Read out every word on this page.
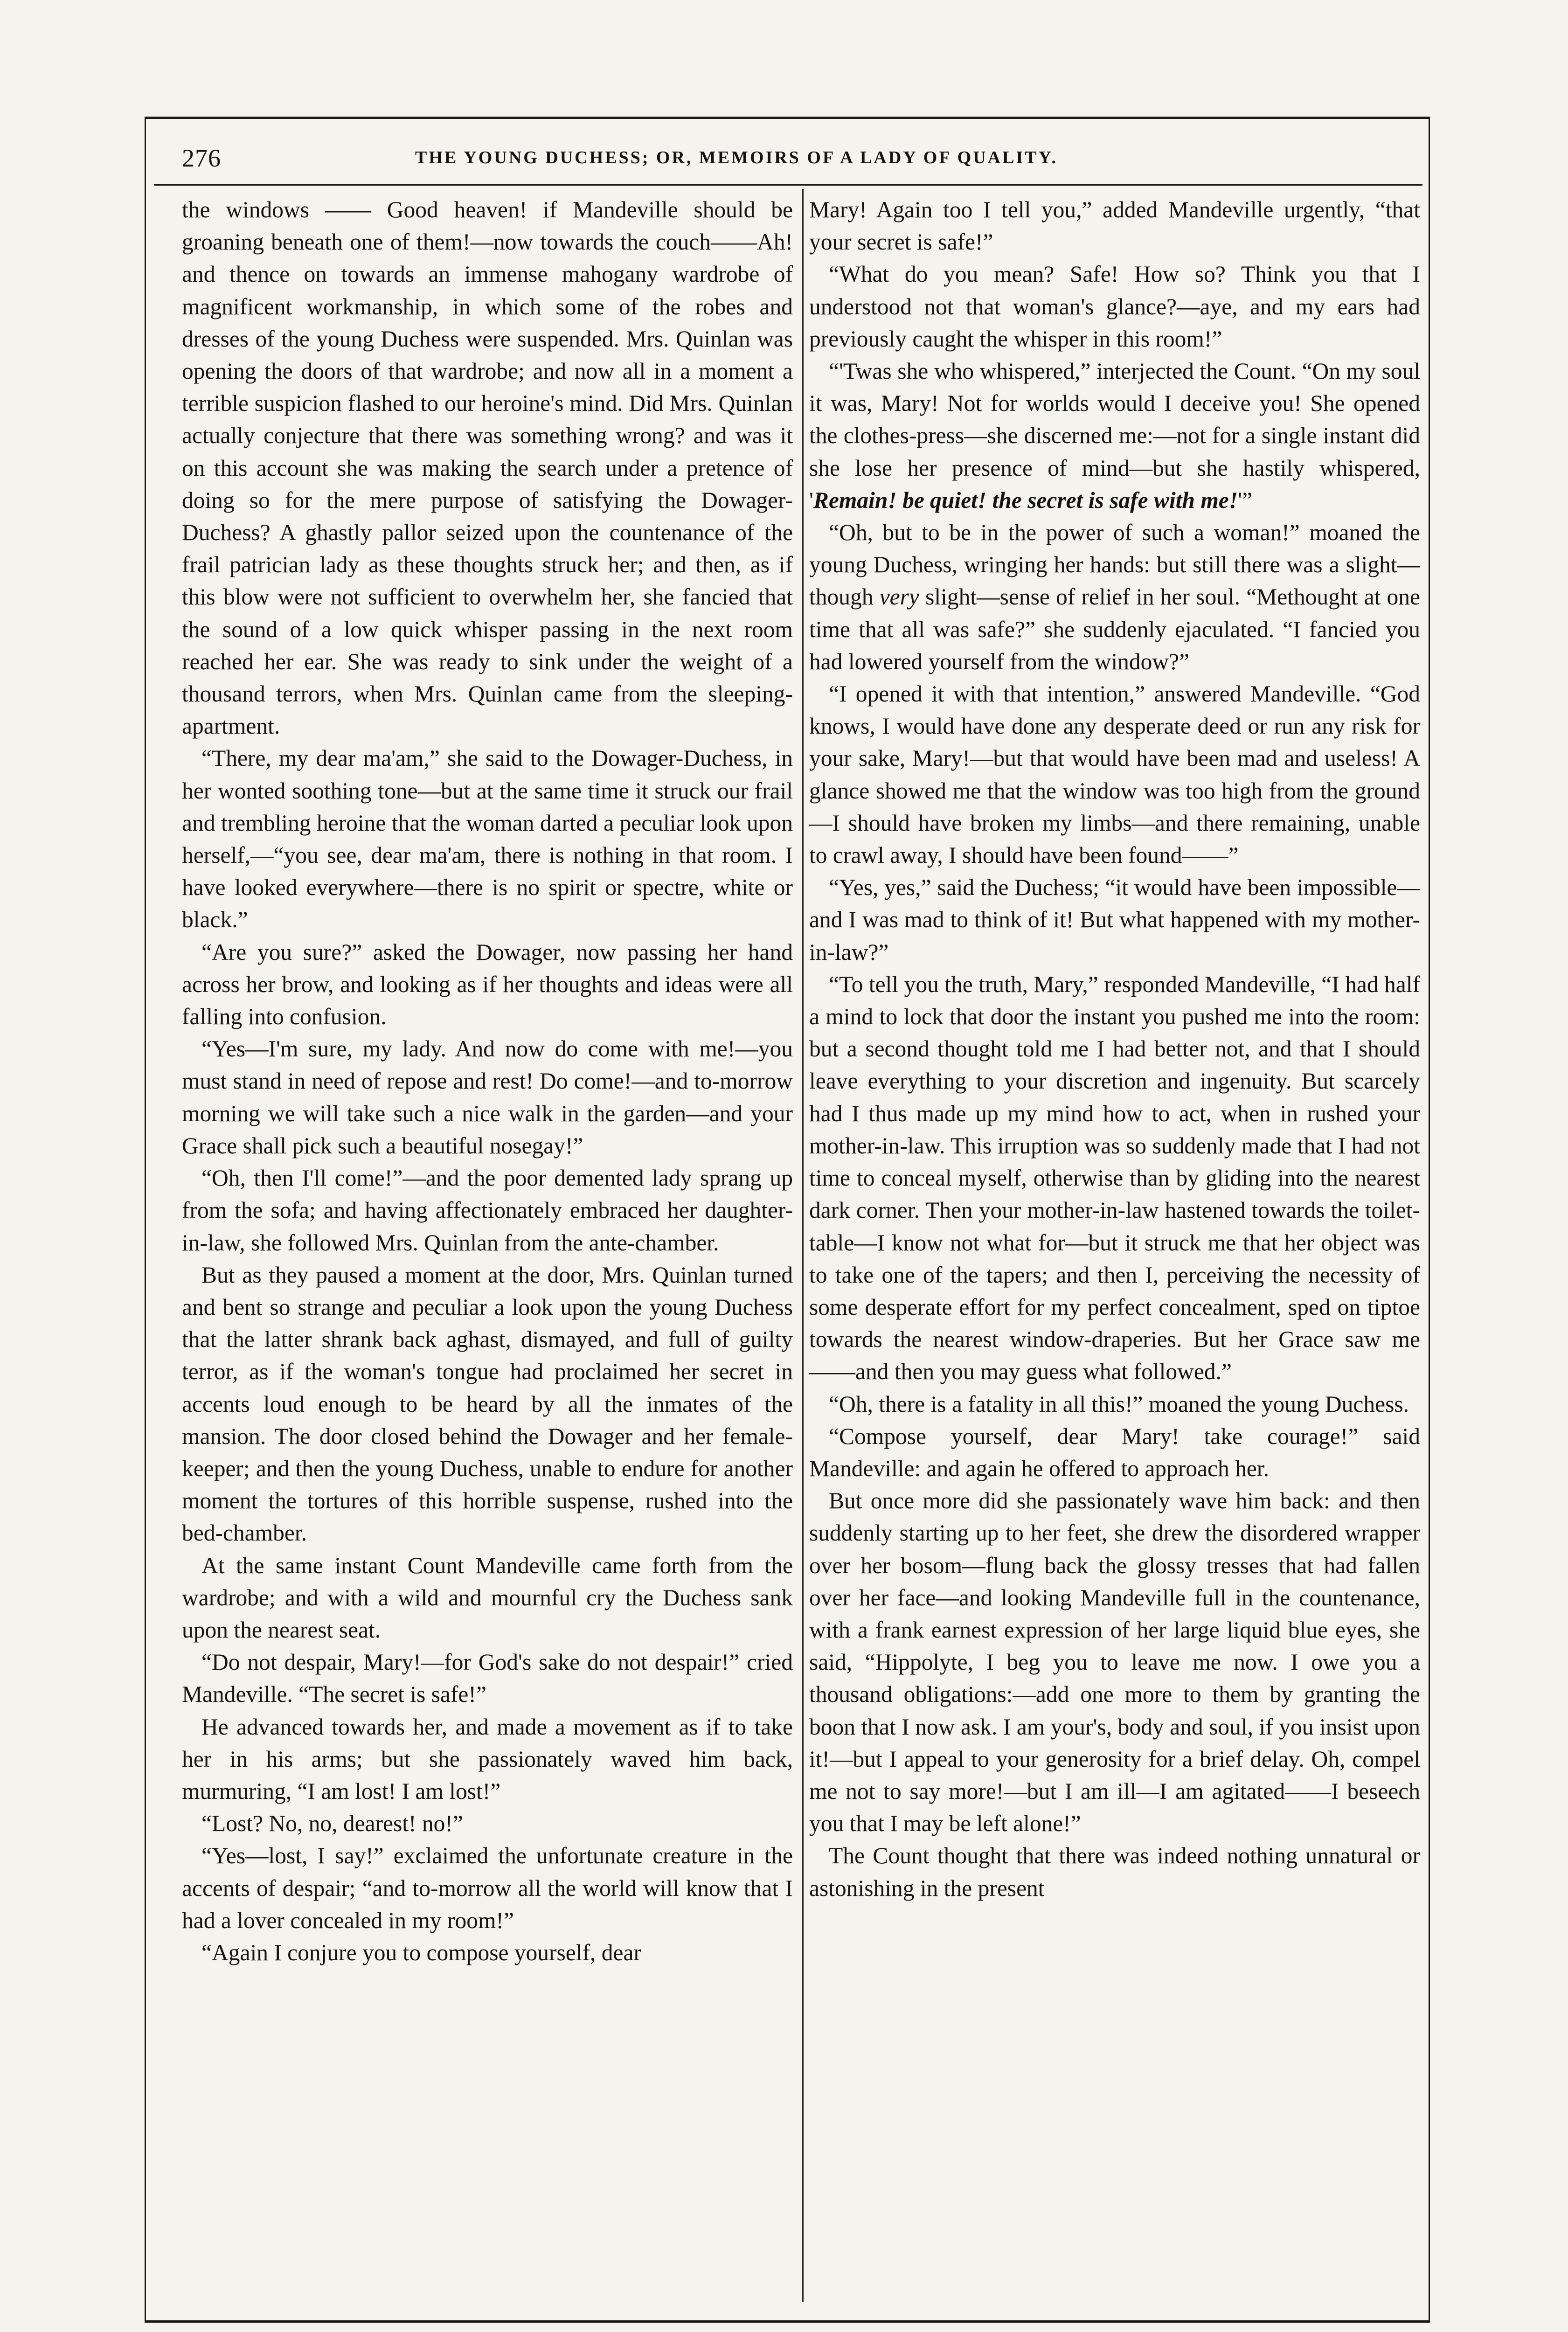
276	THE YOUNG DUCHESS; OR, MEMOIRS OF A LADY OF QUALITY.

the windows —— Good heaven! if Mandeville should be groaning beneath one of them!—now towards the couch——Ah! and thence on towards an immense mahogany wardrobe of magnificent workmanship, in which some of the robes and dresses of the young Duchess were suspended. Mrs. Quinlan was opening the doors of that wardrobe; and now all in a moment a terrible suspicion flashed to our heroine's mind. Did Mrs. Quinlan actually conjecture that there was something wrong? and was it on this account she was making the search under a pretence of doing so for the mere purpose of satisfying the Dowager-Duchess? A ghastly pallor seized upon the countenance of the frail patrician lady as these thoughts struck her; and then, as if this blow were not sufficient to overwhelm her, she fancied that the sound of a low quick whisper passing in the next room reached her ear. She was ready to sink under the weight of a thousand terrors, when Mrs. Quinlan came from the sleeping-apartment.

“There, my dear ma'am,” she said to the Dowager-Duchess, in her wonted soothing tone—but at the same time it struck our frail and trembling heroine that the woman darted a peculiar look upon herself,—“you see, dear ma'am, there is nothing in that room. I have looked everywhere—there is no spirit or spectre, white or black.”

“Are you sure?” asked the Dowager, now passing her hand across her brow, and looking as if her thoughts and ideas were all falling into confusion.

“Yes—I'm sure, my lady. And now do come with me!—you must stand in need of repose and rest! Do come!—and to-morrow morning we will take such a nice walk in the garden—and your Grace shall pick such a beautiful nosegay!”

“Oh, then I'll come!”—and the poor demented lady sprang up from the sofa; and having affectionately embraced her daughter-in-law, she followed Mrs. Quinlan from the ante-chamber.

But as they paused a moment at the door, Mrs. Quinlan turned and bent so strange and peculiar a look upon the young Duchess that the latter shrank back aghast, dismayed, and full of guilty terror, as if the woman's tongue had proclaimed her secret in accents loud enough to be heard by all the inmates of the mansion. The door closed behind the Dowager and her female-keeper; and then the young Duchess, unable to endure for another moment the tortures of this horrible suspense, rushed into the bed-chamber.

At the same instant Count Mandeville came forth from the wardrobe; and with a wild and mournful cry the Duchess sank upon the nearest seat.

“Do not despair, Mary!—for God's sake do not despair!” cried Mandeville. “The secret is safe!”

He advanced towards her, and made a movement as if to take her in his arms; but she passionately waved him back, murmuring, “I am lost! I am lost!”

“Lost? No, no, dearest! no!”

“Yes—lost, I say!” exclaimed the unfortunate creature in the accents of despair; “and to-morrow all the world will know that I had a lover concealed in my room!”

“Again I conjure you to compose yourself, dear

Mary! Again too I tell you,” added Mandeville urgently, “that your secret is safe!”

“What do you mean? Safe! How so? Think you that I understood not that woman's glance?—aye, and my ears had previously caught the whisper in this room!”

“'Twas she who whispered,” interjected the Count. “On my soul it was, Mary! Not for worlds would I deceive you! She opened the clothes-press—she discerned me:—not for a single instant did she lose her presence of mind—but she hastily whispered, 'Remain! be quiet! the secret is safe with me!'”

“Oh, but to be in the power of such a woman!” moaned the young Duchess, wringing her hands: but still there was a slight—though very slight—sense of relief in her soul. “Methought at one time that all was safe?” she suddenly ejaculated. “I fancied you had lowered yourself from the window?”

“I opened it with that intention,” answered Mandeville. “God knows, I would have done any desperate deed or run any risk for your sake, Mary!—but that would have been mad and useless! A glance showed me that the window was too high from the ground—I should have broken my limbs—and there remaining, unable to crawl away, I should have been found——”

“Yes, yes,” said the Duchess; “it would have been impossible—and I was mad to think of it! But what happened with my mother-in-law?”

“To tell you the truth, Mary,” responded Mandeville, “I had half a mind to lock that door the instant you pushed me into the room: but a second thought told me I had better not, and that I should leave everything to your discretion and ingenuity. But scarcely had I thus made up my mind how to act, when in rushed your mother-in-law. This irruption was so suddenly made that I had not time to conceal myself, otherwise than by gliding into the nearest dark corner. Then your mother-in-law hastened towards the toilet-table—I know not what for—but it struck me that her object was to take one of the tapers; and then I, perceiving the necessity of some desperate effort for my perfect concealment, sped on tiptoe towards the nearest window-draperies. But her Grace saw me——and then you may guess what followed.”

“Oh, there is a fatality in all this!” moaned the young Duchess.

“Compose yourself, dear Mary! take courage!” said Mandeville: and again he offered to approach her.

But once more did she passionately wave him back: and then suddenly starting up to her feet, she drew the disordered wrapper over her bosom—flung back the glossy tresses that had fallen over her face—and looking Mandeville full in the countenance, with a frank earnest expression of her large liquid blue eyes, she said, “Hippolyte, I beg you to leave me now. I owe you a thousand obligations:—add one more to them by granting the boon that I now ask. I am your's, body and soul, if you insist upon it!—but I appeal to your generosity for a brief delay. Oh, compel me not to say more!—but I am ill—I am agitated——I beseech you that I may be left alone!”

The Count thought that there was indeed nothing unnatural or astonishing in the present
